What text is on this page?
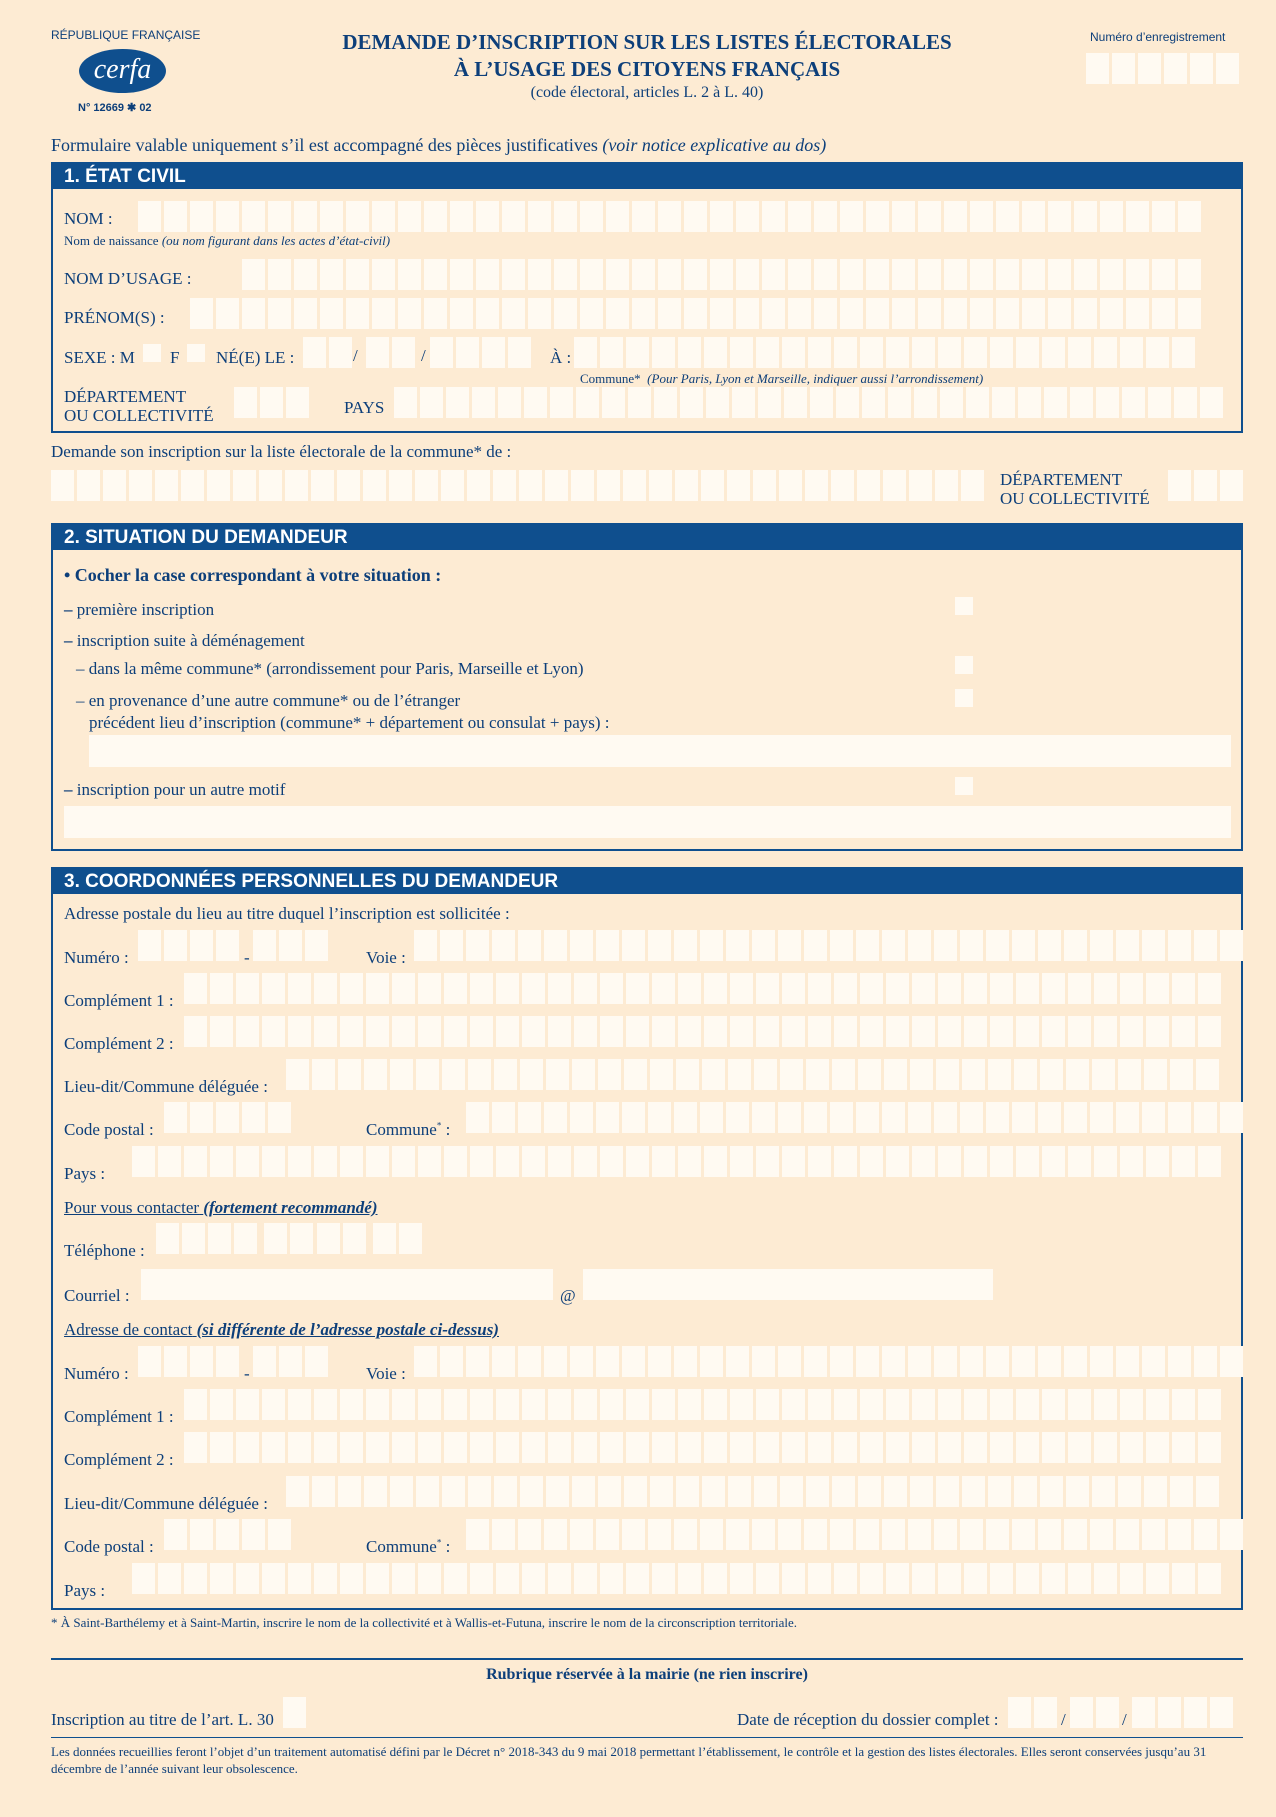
RÉPUBLIQUE FRANÇAISE
cerfa
N° 12669 ✱ 02
DEMANDE D’INSCRIPTION SUR LES LISTES ÉLECTORALES
À L’USAGE DES CITOYENS FRANÇAIS
(code électoral, articles L. 2 à L. 40)
Numéro d’enregistrement
Formulaire valable uniquement s’il est accompagné des pièces justificatives (voir notice explicative au dos)
1. ÉTAT CIVIL
NOM :
Nom de naissance (ou nom figurant dans les actes d’état-civil)
NOM D’USAGE :
PRÉNOM(S) :
SEXE : M F NÉ(E) LE :	/	/	À :
Commune* (Pour Paris, Lyon et Marseille, indiquer aussi l’arrondissement)
DÉPARTEMENT
OU COLLECTIVITÉ	PAYS
Demande son inscription sur la liste électorale de la commune* de :
DÉPARTEMENT
OU COLLECTIVITÉ
2. SITUATION DU DEMANDEUR
• Cocher la case correspondant à votre situation :
– première inscription
– inscription suite à déménagement
– dans la même commune* (arrondissement pour Paris, Marseille et Lyon)
– en provenance d’une autre commune* ou de l’étranger
précédent lieu d’inscription (commune* + département ou consulat + pays) :
– inscription pour un autre motif
3. COORDONNÉES PERSONNELLES DU DEMANDEUR
Adresse postale du lieu au titre duquel l’inscription est sollicitée :
Numéro :	-	Voie :
Complément 1 :
Complément 2 :
Lieu-dit/Commune déléguée :
Code postal :	Commune* :
Pays :
Pour vous contacter (fortement recommandé)
Téléphone :
Courriel :	@
Adresse de contact (si différente de l’adresse postale ci-dessus)
Numéro :	-	Voie :
Complément 1 :
Complément 2 :
Lieu-dit/Commune déléguée :
Code postal :	Commune* :
Pays :
* À Saint-Barthélemy et à Saint-Martin, inscrire le nom de la collectivité et à Wallis-et-Futuna, inscrire le nom de la circonscription territoriale.
Rubrique réservée à la mairie (ne rien inscrire)
Inscription au titre de l’art. L. 30	Date de réception du dossier complet :	/	/
Les données recueillies feront l’objet d’un traitement automatisé défini par le Décret n° 2018-343 du 9 mai 2018 permettant l’établissement, le contrôle et la gestion des listes électorales. Elles seront conservées jusqu’au 31 décembre de l’année suivant leur obsolescence.
